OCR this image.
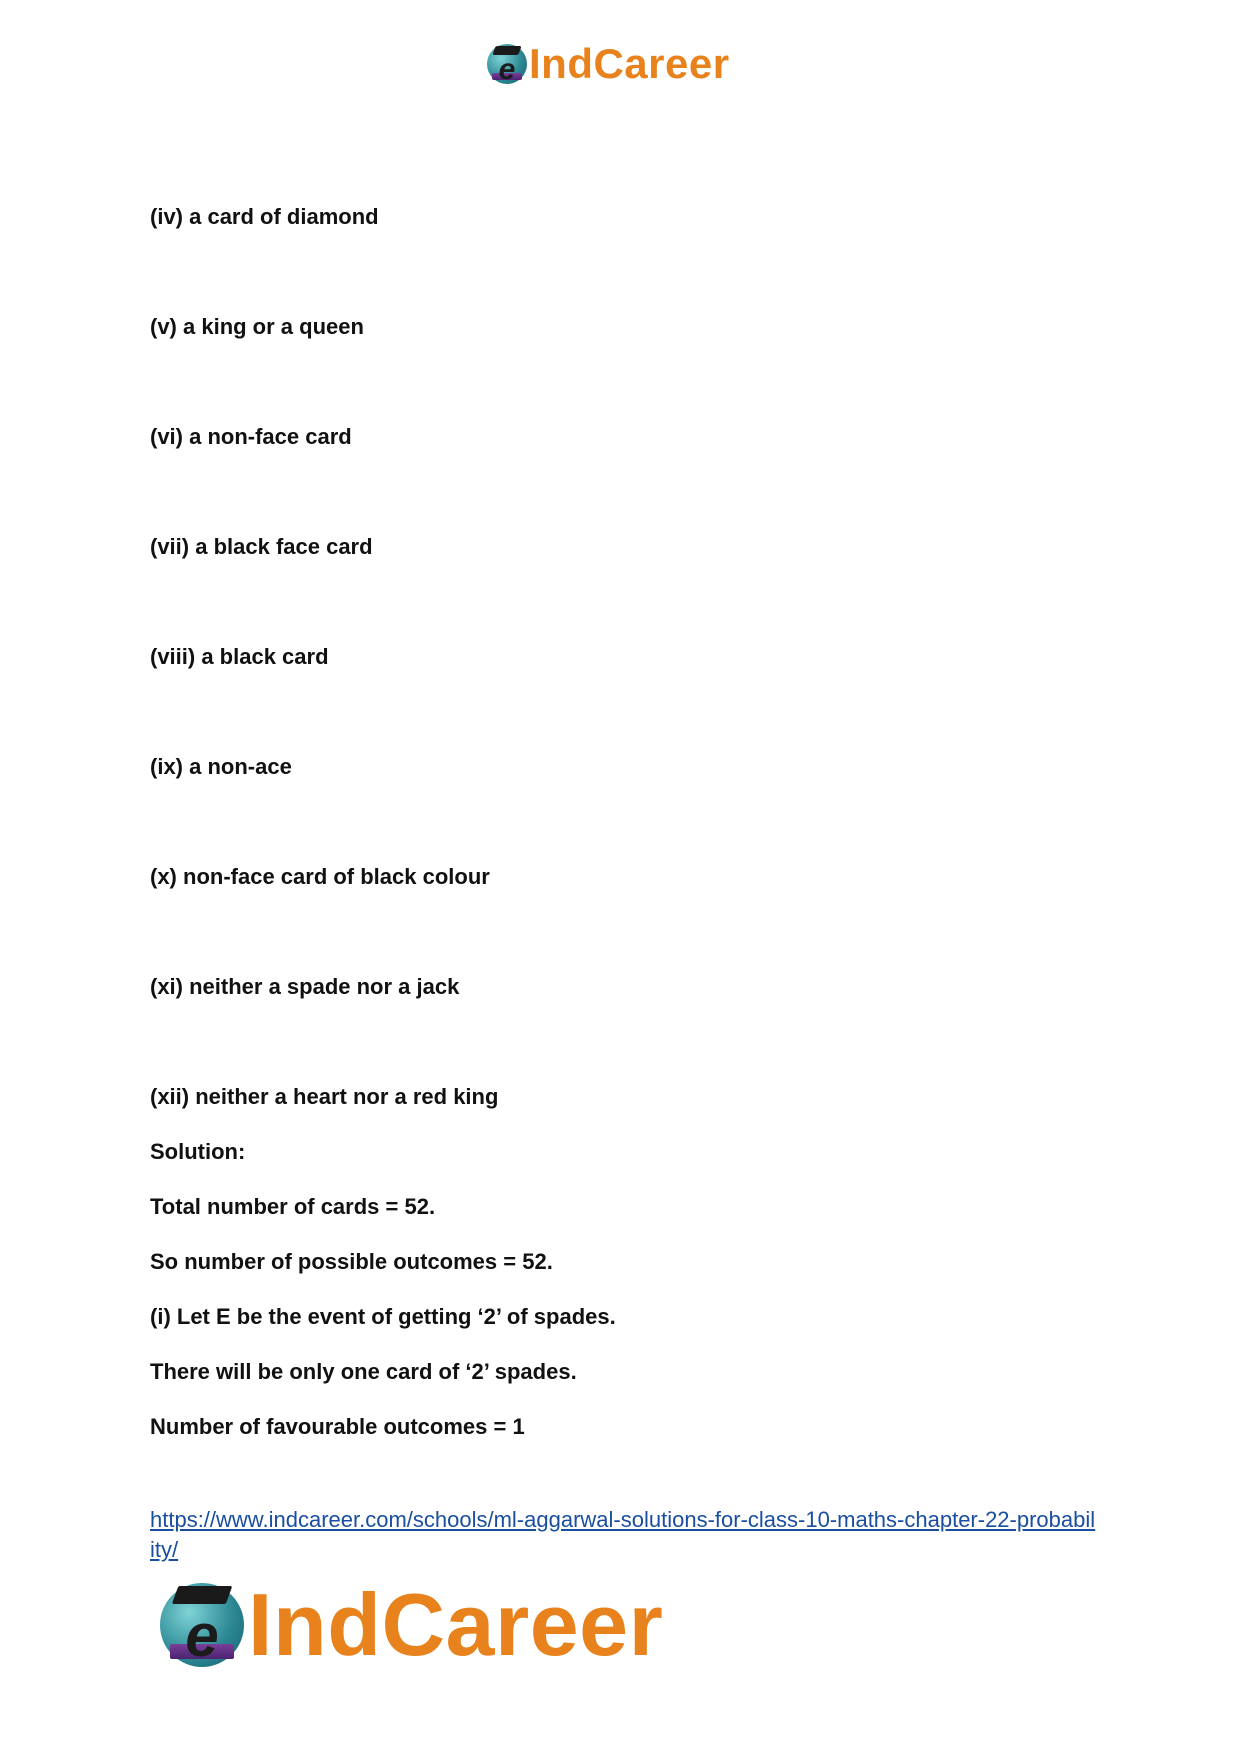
e IndCareer

(iv) a card of diamond

(v) a king or a queen

(vi) a non-face card

(vii) a black face card

(viii) a black card

(ix) a non-ace

(x) non-face card of black colour

(xi) neither a spade nor a jack

(xii) neither a heart nor a red king

Solution:

Total number of cards = 52.

So number of possible outcomes = 52.

(i) Let E be the event of getting ‘2’ of spades.

There will be only one card of ‘2’ spades.

Number of favourable outcomes = 1

https://www.indcareer.com/schools/ml-aggarwal-solutions-for-class-10-maths-chapter-22-probability/
e IndCareer
